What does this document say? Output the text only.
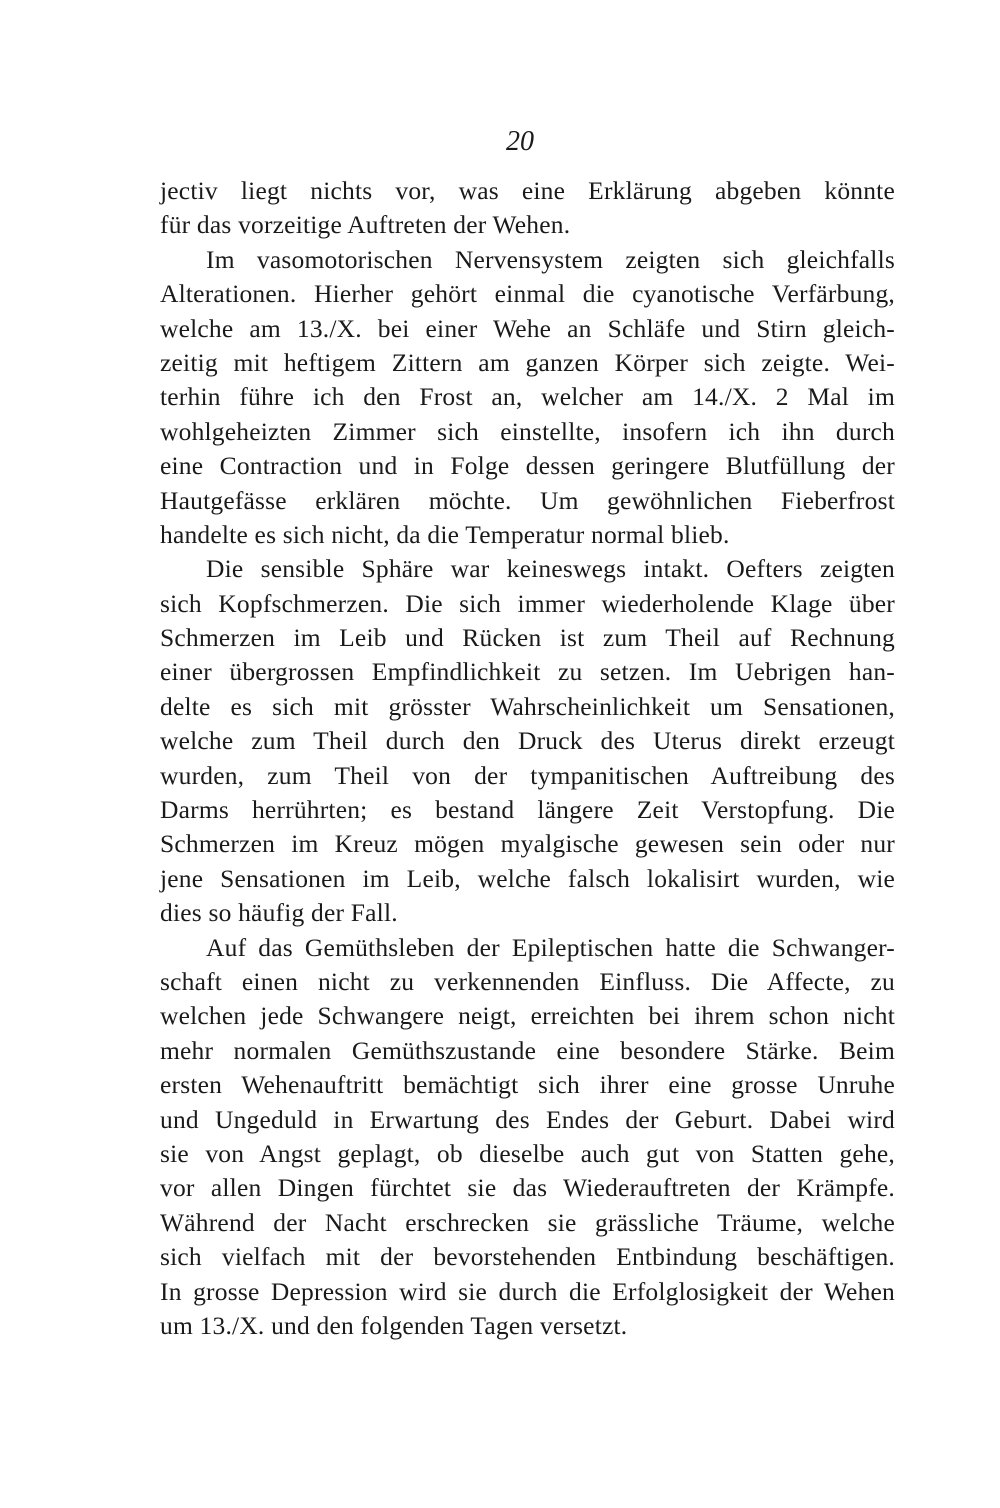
20
jectiv liegt nichts vor, was eine Erklärung abgeben könnte
für das vorzeitige Auftreten der Wehen.
Im vasomotorischen Nervensystem zeigten sich gleichfalls
Alterationen. Hierher gehört einmal die cyanotische Verfärbung,
welche am 13./X. bei einer Wehe an Schläfe und Stirn gleich-
zeitig mit heftigem Zittern am ganzen Körper sich zeigte. Wei-
terhin führe ich den Frost an, welcher am 14./X. 2 Mal im
wohlgeheizten Zimmer sich einstellte, insofern ich ihn durch
eine Contraction und in Folge dessen geringere Blutfüllung der
Hautgefässe erklären möchte. Um gewöhnlichen Fieberfrost
handelte es sich nicht, da die Temperatur normal blieb.
Die sensible Sphäre war keineswegs intakt. Oefters zeigten
sich Kopfschmerzen. Die sich immer wiederholende Klage über
Schmerzen im Leib und Rücken ist zum Theil auf Rechnung
einer übergrossen Empfindlichkeit zu setzen. Im Uebrigen han-
delte es sich mit grösster Wahrscheinlichkeit um Sensationen,
welche zum Theil durch den Druck des Uterus direkt erzeugt
wurden, zum Theil von der tympanitischen Auftreibung des
Darms herrührten; es bestand längere Zeit Verstopfung. Die
Schmerzen im Kreuz mögen myalgische gewesen sein oder nur
jene Sensationen im Leib, welche falsch lokalisirt wurden, wie
dies so häufig der Fall.
Auf das Gemüthsleben der Epileptischen hatte die Schwanger-
schaft einen nicht zu verkennenden Einfluss. Die Affecte, zu
welchen jede Schwangere neigt, erreichten bei ihrem schon nicht
mehr normalen Gemüthszustande eine besondere Stärke. Beim
ersten Wehenauftritt bemächtigt sich ihrer eine grosse Unruhe
und Ungeduld in Erwartung des Endes der Geburt. Dabei wird
sie von Angst geplagt, ob dieselbe auch gut von Statten gehe,
vor allen Dingen fürchtet sie das Wiederauftreten der Krämpfe.
Während der Nacht erschrecken sie grässliche Träume, welche
sich vielfach mit der bevorstehenden Entbindung beschäftigen.
In grosse Depression wird sie durch die Erfolglosigkeit der Wehen
um 13./X. und den folgenden Tagen versetzt.
